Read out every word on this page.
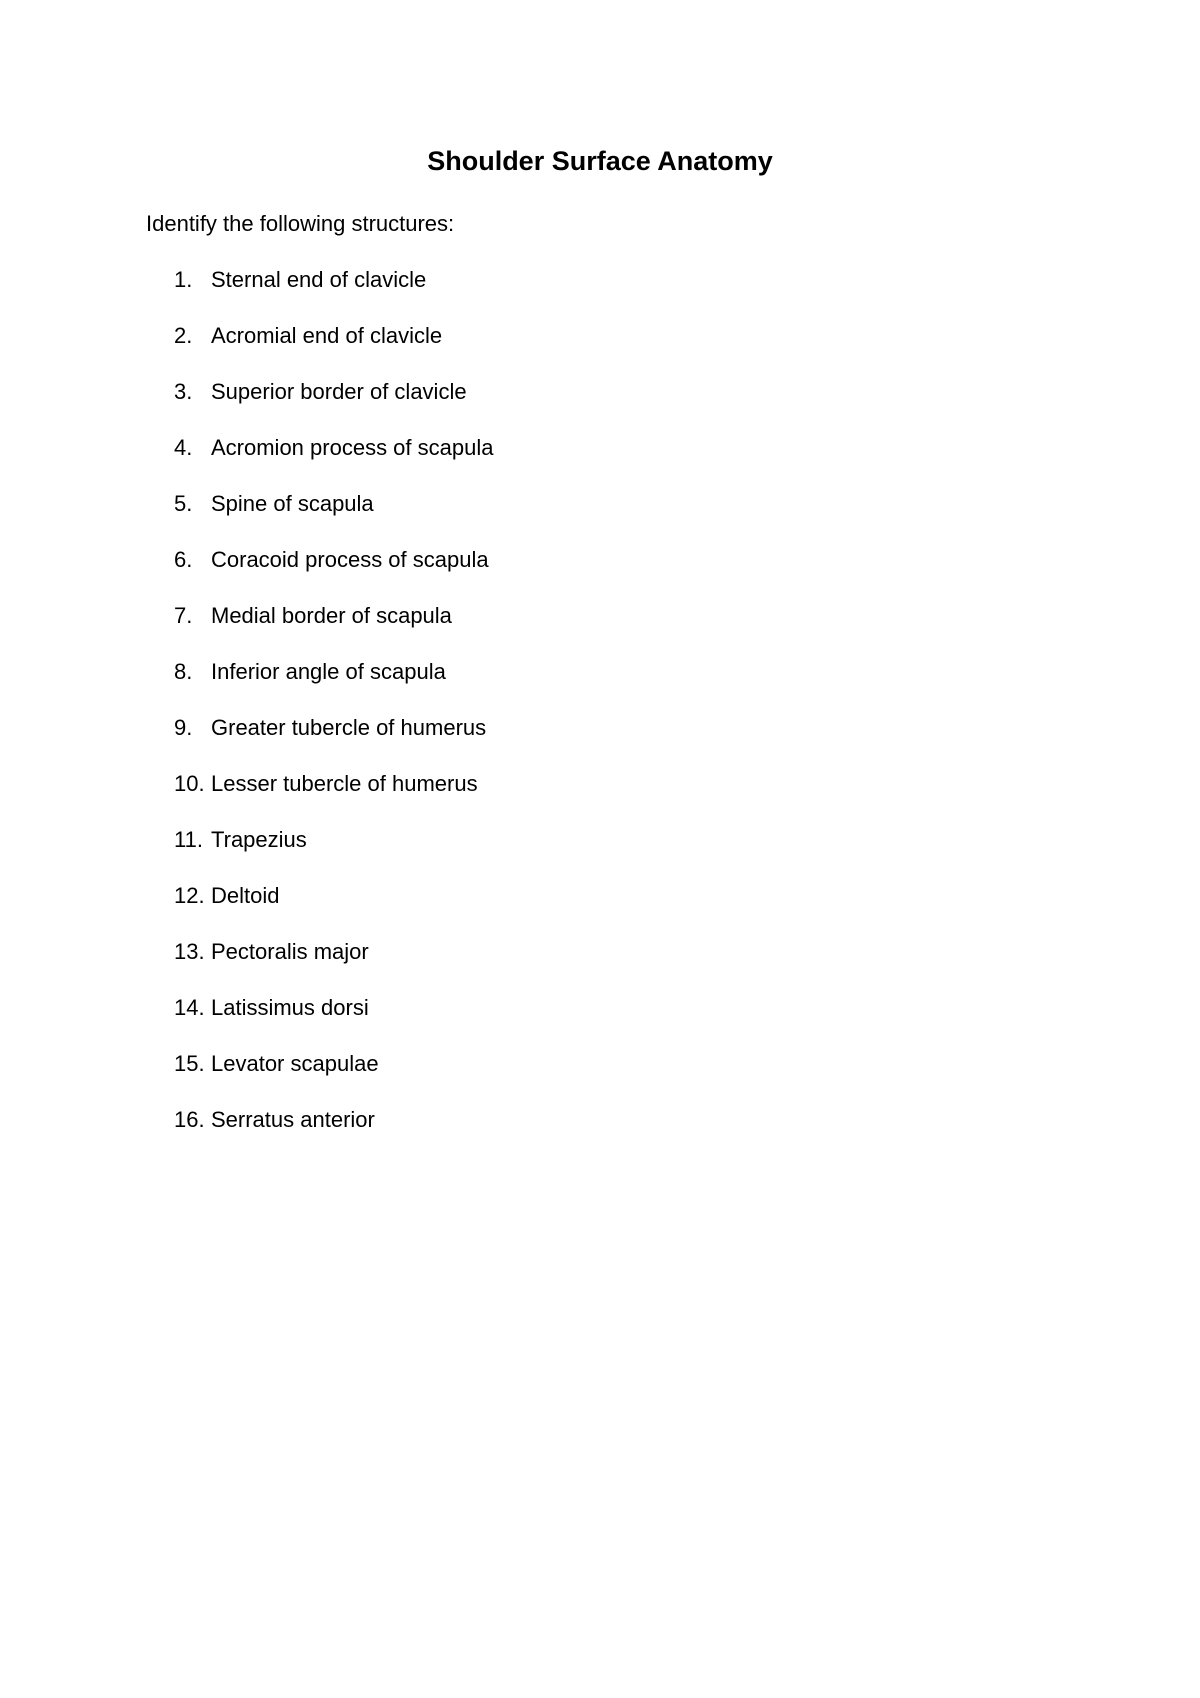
Shoulder Surface Anatomy

Identify the following structures:

1. Sternal end of clavicle
2. Acromial end of clavicle
3. Superior border of clavicle
4. Acromion process of scapula
5. Spine of scapula
6. Coracoid process of scapula
7. Medial border of scapula
8. Inferior angle of scapula
9. Greater tubercle of humerus
10. Lesser tubercle of humerus
11. Trapezius
12. Deltoid
13. Pectoralis major
14. Latissimus dorsi
15. Levator scapulae
16. Serratus anterior
